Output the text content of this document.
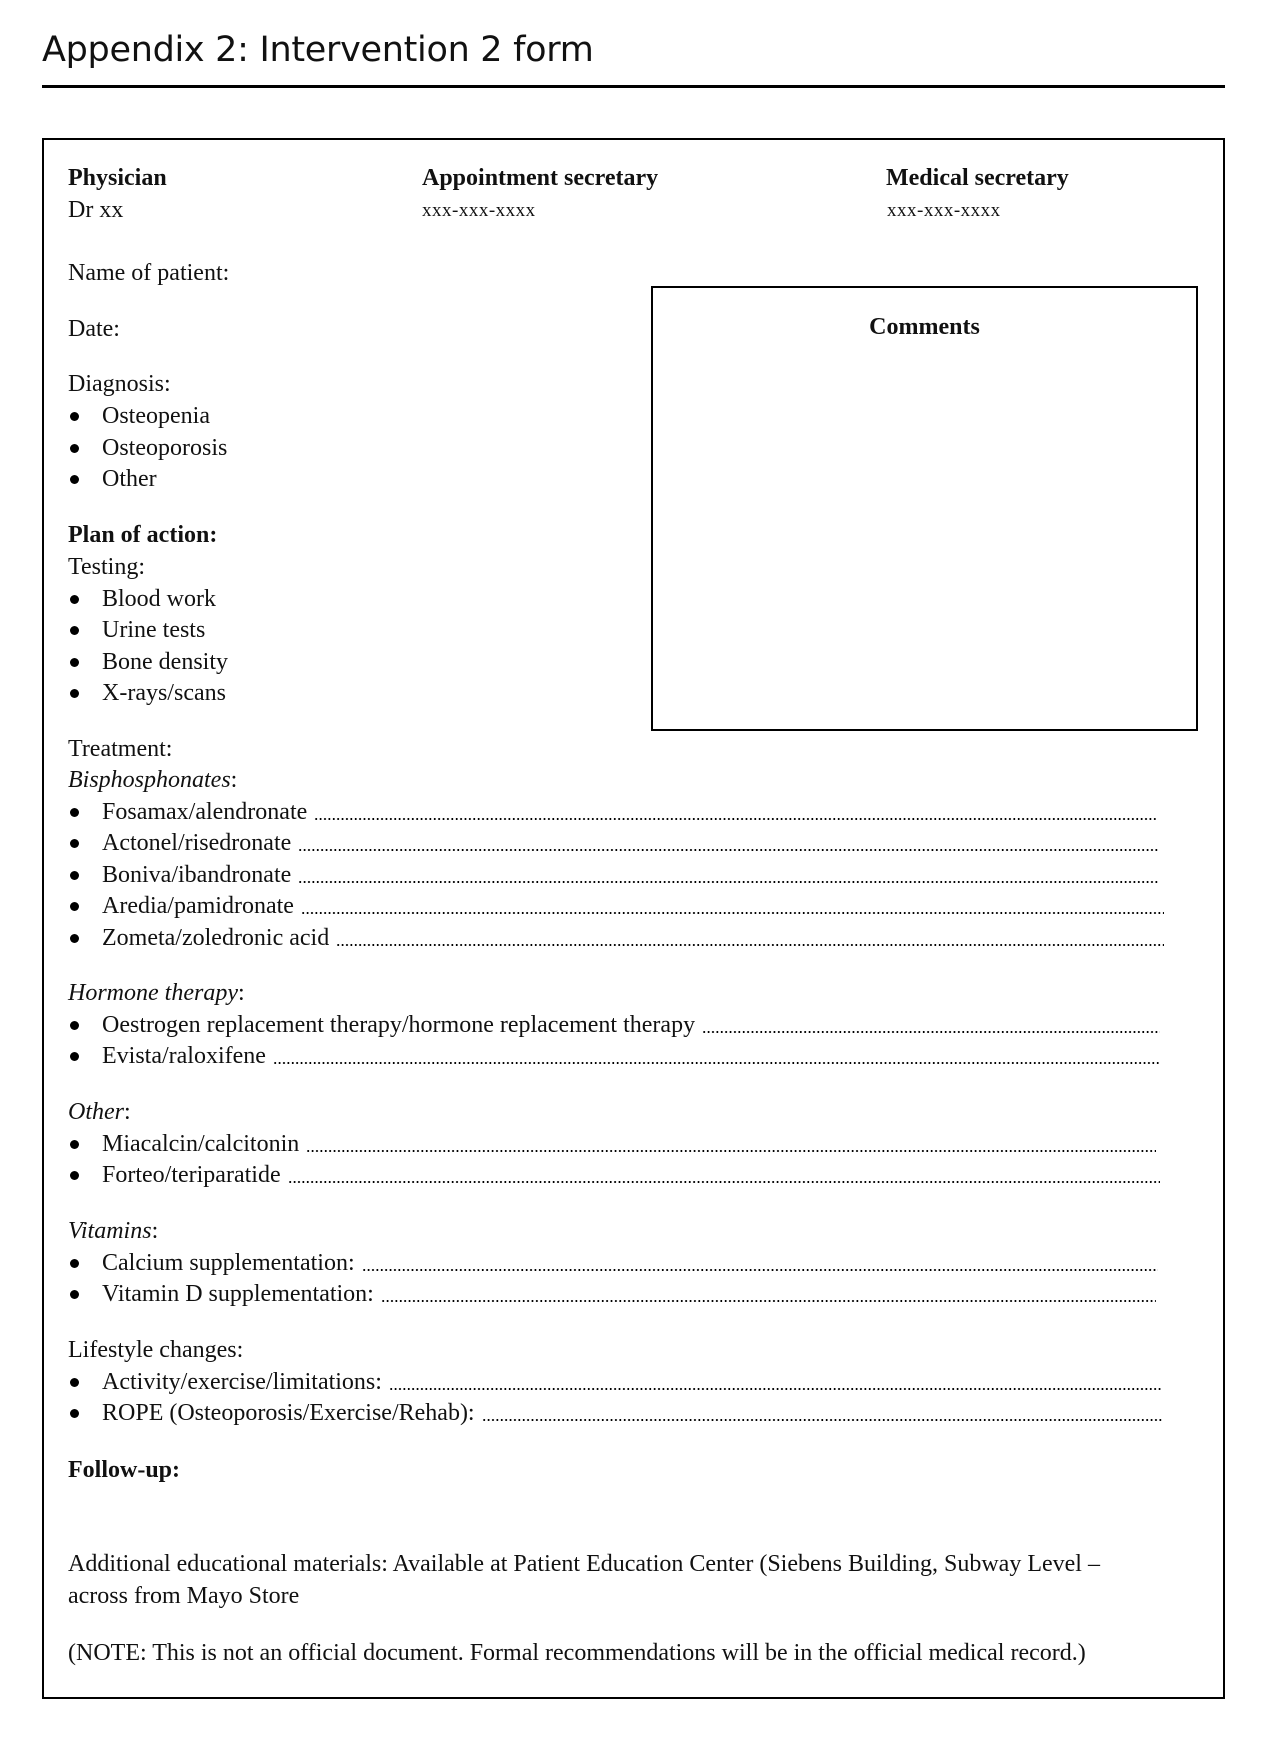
Appendix 2: Intervention 2 form
Physician
Dr xx
Appointment secretary
xxx-xxx-xxxx
Medical secretary
xxx-xxx-xxxx
Name of patient:
Date:	Comments
Diagnosis:
Osteopenia
Osteoporosis
Other
Plan of action:
Testing:
Blood work
Urine tests
Bone density
X-rays/scans
Treatment:
Bisphosphonates:
Fosamax/alendronate
Actonel/risedronate
Boniva/ibandronate
Aredia/pamidronate
Zometa/zoledronic acid
Hormone therapy:
Oestrogen replacement therapy/hormone replacement therapy
Evista/raloxifene
Other:
Miacalcin/calcitonin
Forteo/teriparatide
Vitamins:
Calcium supplementation:
Vitamin D supplementation:
Lifestyle changes:
Activity/exercise/limitations:
ROPE (Osteoporosis/Exercise/Rehab):
Follow-up:
Additional educational materials: Available at Patient Education Center (Siebens Building, Subway Level –
across from Mayo Store
(NOTE: This is not an official document. Formal recommendations will be in the official medical record.)
